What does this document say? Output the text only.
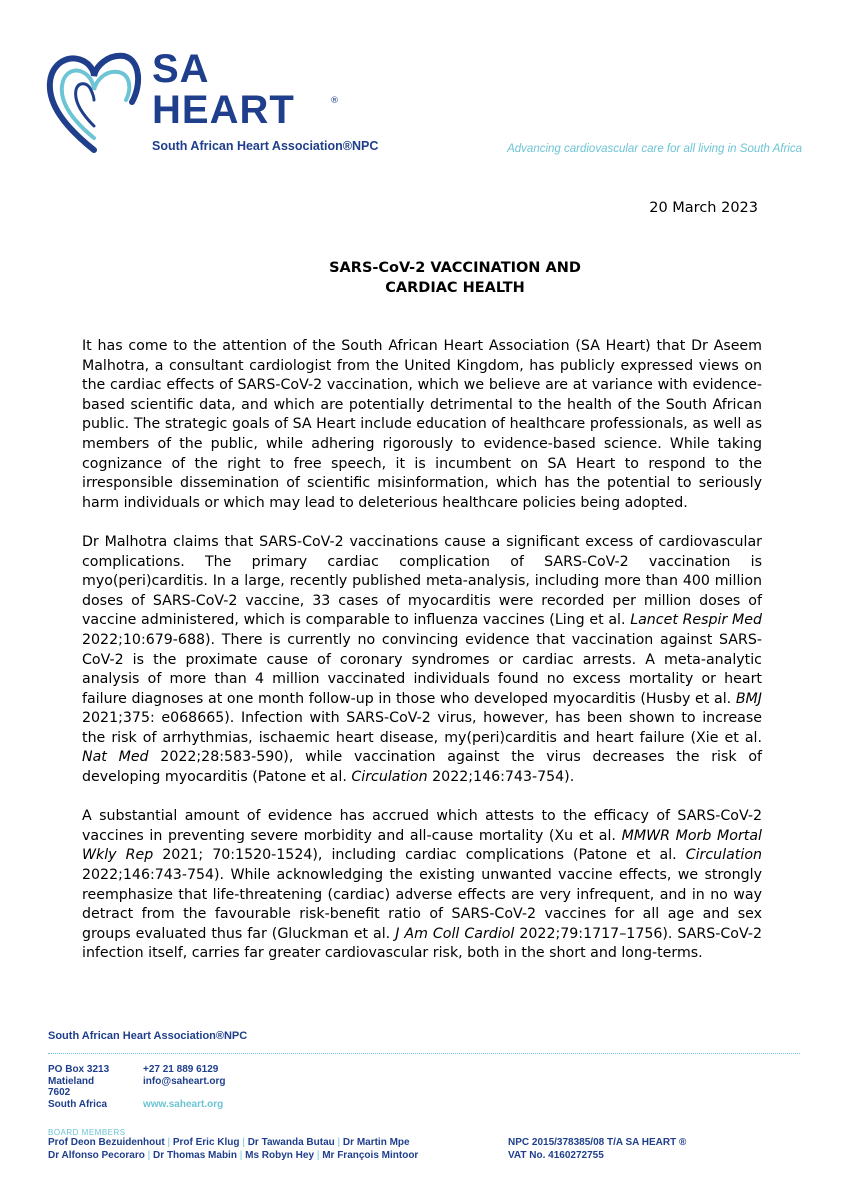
SA
HEART	®
South African Heart Association®NPC	Advancing cardiovascular care for all living in South Africa
20 March 2023
SARS-CoV-2 VACCINATION AND
CARDIAC HEALTH

It has come to the attention of the South African Heart Association (SA Heart) that Dr Aseem Malhotra, a consultant cardiologist from the United Kingdom, has publicly expressed views on the cardiac effects of SARS-CoV-2 vaccination, which we believe are at variance with evidence-based scientific data, and which are potentially detrimental to the health of the South African public. The strategic goals of SA Heart include education of healthcare professionals, as well as members of the public, while adhering rigorously to evidence-based science. While taking cognizance of the right to free speech, it is incumbent on SA Heart to respond to the irresponsible dissemination of scientific misinformation, which has the potential to seriously harm individuals or which may lead to deleterious healthcare policies being adopted.

Dr Malhotra claims that SARS-CoV-2 vaccinations cause a significant excess of cardiovascular complications. The primary cardiac complication of SARS-CoV-2 vaccination is myo(peri)carditis. In a large, recently published meta-analysis, including more than 400 million doses of SARS-CoV-2 vaccine, 33 cases of myocarditis were recorded per million doses of vaccine administered, which is comparable to influenza vaccines (Ling et al. Lancet Respir Med 2022;10:679-688). There is currently no convincing evidence that vaccination against SARS-CoV-2 is the proximate cause of coronary syndromes or cardiac arrests. A meta-analytic analysis of more than 4 million vaccinated individuals found no excess mortality or heart failure diagnoses at one month follow-up in those who developed myocarditis (Husby et al. BMJ 2021;375: e068665). Infection with SARS-CoV-2 virus, however, has been shown to increase the risk of arrhythmias, ischaemic heart disease, my(peri)carditis and heart failure (Xie et al. Nat Med 2022;28:583-590), while vaccination against the virus decreases the risk of developing myocarditis (Patone et al. Circulation 2022;146:743-754).

A substantial amount of evidence has accrued which attests to the efficacy of SARS-CoV-2 vaccines in preventing severe morbidity and all-cause mortality (Xu et al. MMWR Morb Mortal Wkly Rep 2021; 70:1520-1524), including cardiac complications (Patone et al. Circulation 2022;146:743-754). While acknowledging the existing unwanted vaccine effects, we strongly reemphasize that life-threatening (cardiac) adverse effects are very infrequent, and in no way detract from the favourable risk-benefit ratio of SARS-CoV-2 vaccines for all age and sex groups evaluated thus far (Gluckman et al. J Am Coll Cardiol 2022;79:1717–1756). SARS-CoV-2 infection itself, carries far greater cardiovascular risk, both in the short and long-terms.

South African Heart Association®NPC
PO Box 3213
Matieland
7602
South Africa
+27 21 889 6129
info@saheart.org

www.saheart.org
BOARD MEMBERS
Prof Deon Bezuidenhout | Prof Eric Klug | Dr Tawanda Butau | Dr Martin Mpe
Dr Alfonso Pecoraro | Dr Thomas Mabin | Ms Robyn Hey | Mr François Mintoor
NPC 2015/378385/08 T/A SA HEART ®
VAT No. 4160272755
